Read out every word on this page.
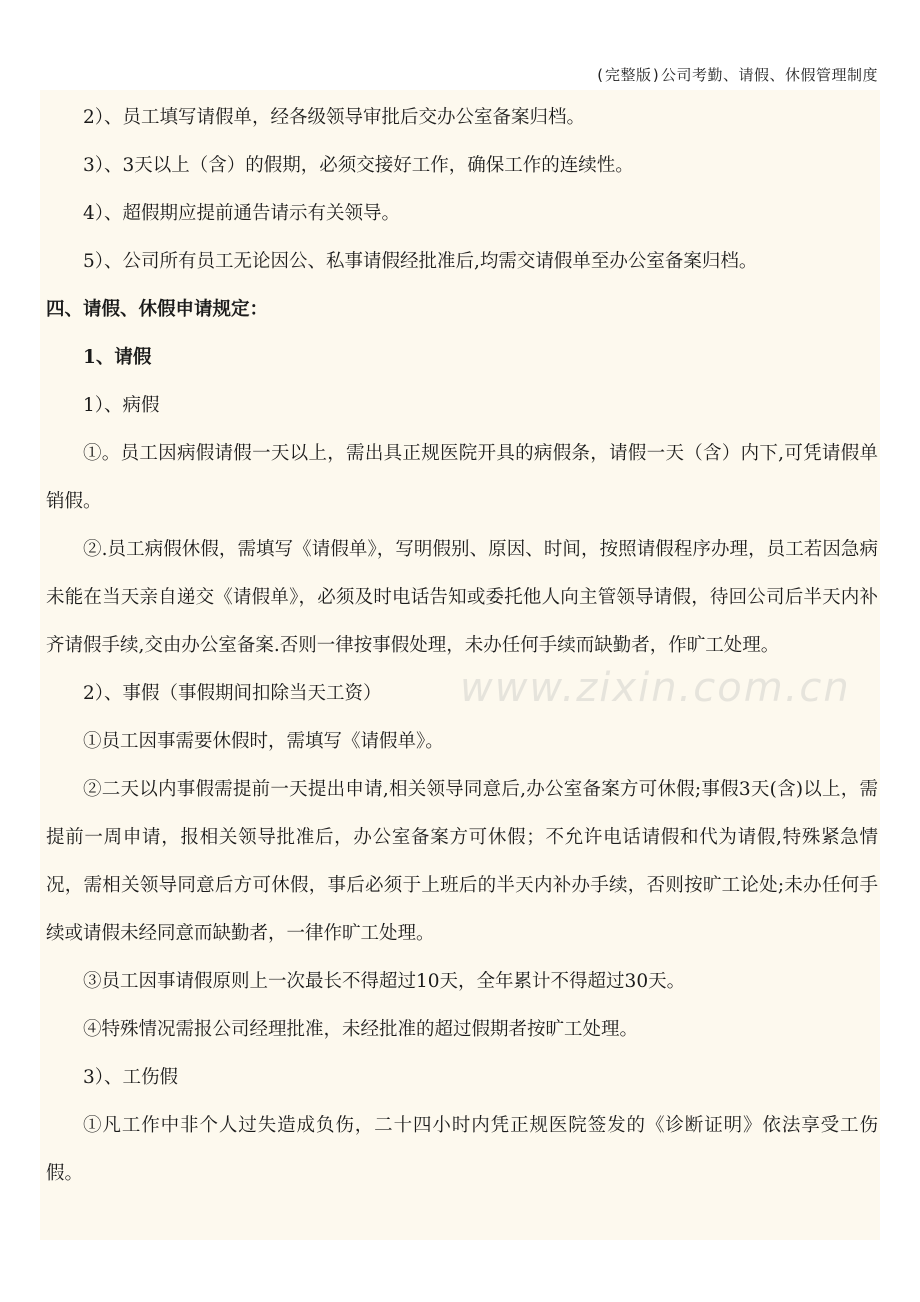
(完整版)公司考勤、请假、休假管理制度
www.zixin.com.cn

2）、员工填写请假单，经各级领导审批后交办公室备案归档。

3）、3天以上（含）的假期，必须交接好工作，确保工作的连续性。

4）、超假期应提前通告请示有关领导。

5）、公司所有员工无论因公、私事请假经批准后,均需交请假单至办公室备案归档。

四、请假、休假申请规定：

1、请假

1）、病假

①。员工因病假请假一天以上，需出具正规医院开具的病假条，请假一天（含）内下,可凭请假单销假。

②.员工病假休假，需填写《请假单》，写明假别、原因、时间，按照请假程序办理，员工若因急病未能在当天亲自递交《请假单》，必须及时电话告知或委托他人向主管领导请假，待回公司后半天内补齐请假手续,交由办公室备案.否则一律按事假处理，未办任何手续而缺勤者，作旷工处理。

2）、事假（事假期间扣除当天工资）

①员工因事需要休假时，需填写《请假单》。

②二天以内事假需提前一天提出申请,相关领导同意后,办公室备案方可休假;事假3天(含)以上，需提前一周申请，报相关领导批准后，办公室备案方可休假；不允许电话请假和代为请假,特殊紧急情况，需相关领导同意后方可休假，事后必须于上班后的半天内补办手续，否则按旷工论处;未办任何手续或请假未经同意而缺勤者，一律作旷工处理。

③员工因事请假原则上一次最长不得超过10天，全年累计不得超过30天。

④特殊情况需报公司经理批准，未经批准的超过假期者按旷工处理。

3）、工伤假

①凡工作中非个人过失造成负伤，二十四小时内凭正规医院签发的《诊断证明》依法享受工伤假。
